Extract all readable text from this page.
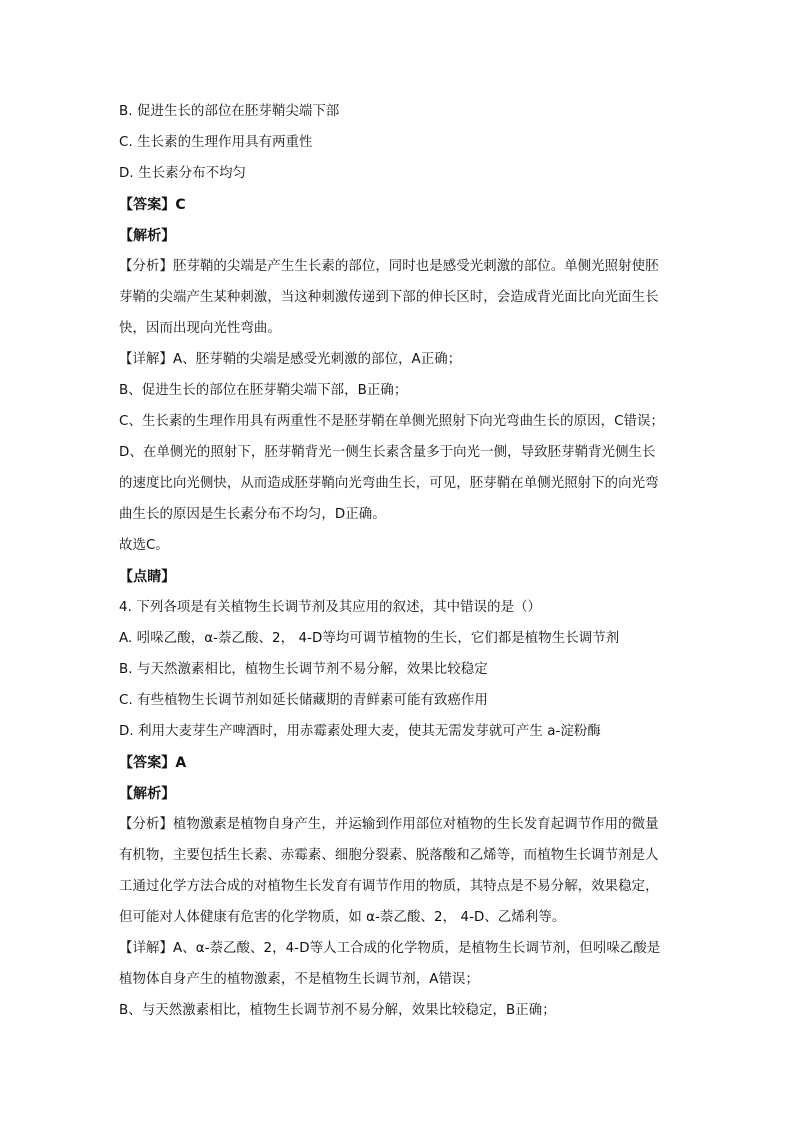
B. 促进生长的部位在胚芽鞘尖端下部
C. 生长素的生理作用具有两重性
D. 生长素分布不均匀
【答案】C
【解析】
【分析】胚芽鞘的尖端是产生生长素的部位，同时也是感受光刺激的部位。单侧光照射使胚
芽鞘的尖端产生某种刺激，当这种刺激传递到下部的伸长区时，会造成背光面比向光面生长
快，因而出现向光性弯曲。
【详解】A、胚芽鞘的尖端是感受光刺激的部位，A正确；
B、促进生长的部位在胚芽鞘尖端下部，B正确；
C、生长素的生理作用具有两重性不是胚芽鞘在单侧光照射下向光弯曲生长的原因，C错误；
D、在单侧光的照射下，胚芽鞘背光一侧生长素含量多于向光一侧，导致胚芽鞘背光侧生长
的速度比向光侧快，从而造成胚芽鞘向光弯曲生长，可见，胚芽鞘在单侧光照射下的向光弯
曲生长的原因是生长素分布不均匀，D正确。
故选C。
【点睛】
4. 下列各项是有关植物生长调节剂及其应用的叙述，其中错误的是（）
A. 吲哚乙酸，α-萘乙酸、2， 4-D等均可调节植物的生长，它们都是植物生长调节剂
B. 与天然激素相比，植物生长调节剂不易分解，效果比较稳定
C. 有些植物生长调节剂如延长储藏期的青鲜素可能有致癌作用
D. 利用大麦芽生产啤酒时，用赤霉素处理大麦，使其无需发芽就可产生 a-淀粉酶
【答案】A
【解析】
【分析】植物激素是植物自身产生，并运输到作用部位对植物的生长发育起调节作用的微量
有机物，主要包括生长素、赤霉素、细胞分裂素、脱落酸和乙烯等，而植物生长调节剂是人
工通过化学方法合成的对植物生长发育有调节作用的物质，其特点是不易分解，效果稳定，
但可能对人体健康有危害的化学物质，如 α-萘乙酸、2， 4-D、乙烯利等。
【详解】A、α-萘乙酸、2，4-D等人工合成的化学物质，是植物生长调节剂，但吲哚乙酸是
植物体自身产生的植物激素，不是植物生长调节剂，A错误；
B、与天然激素相比，植物生长调节剂不易分解，效果比较稳定，B正确；
